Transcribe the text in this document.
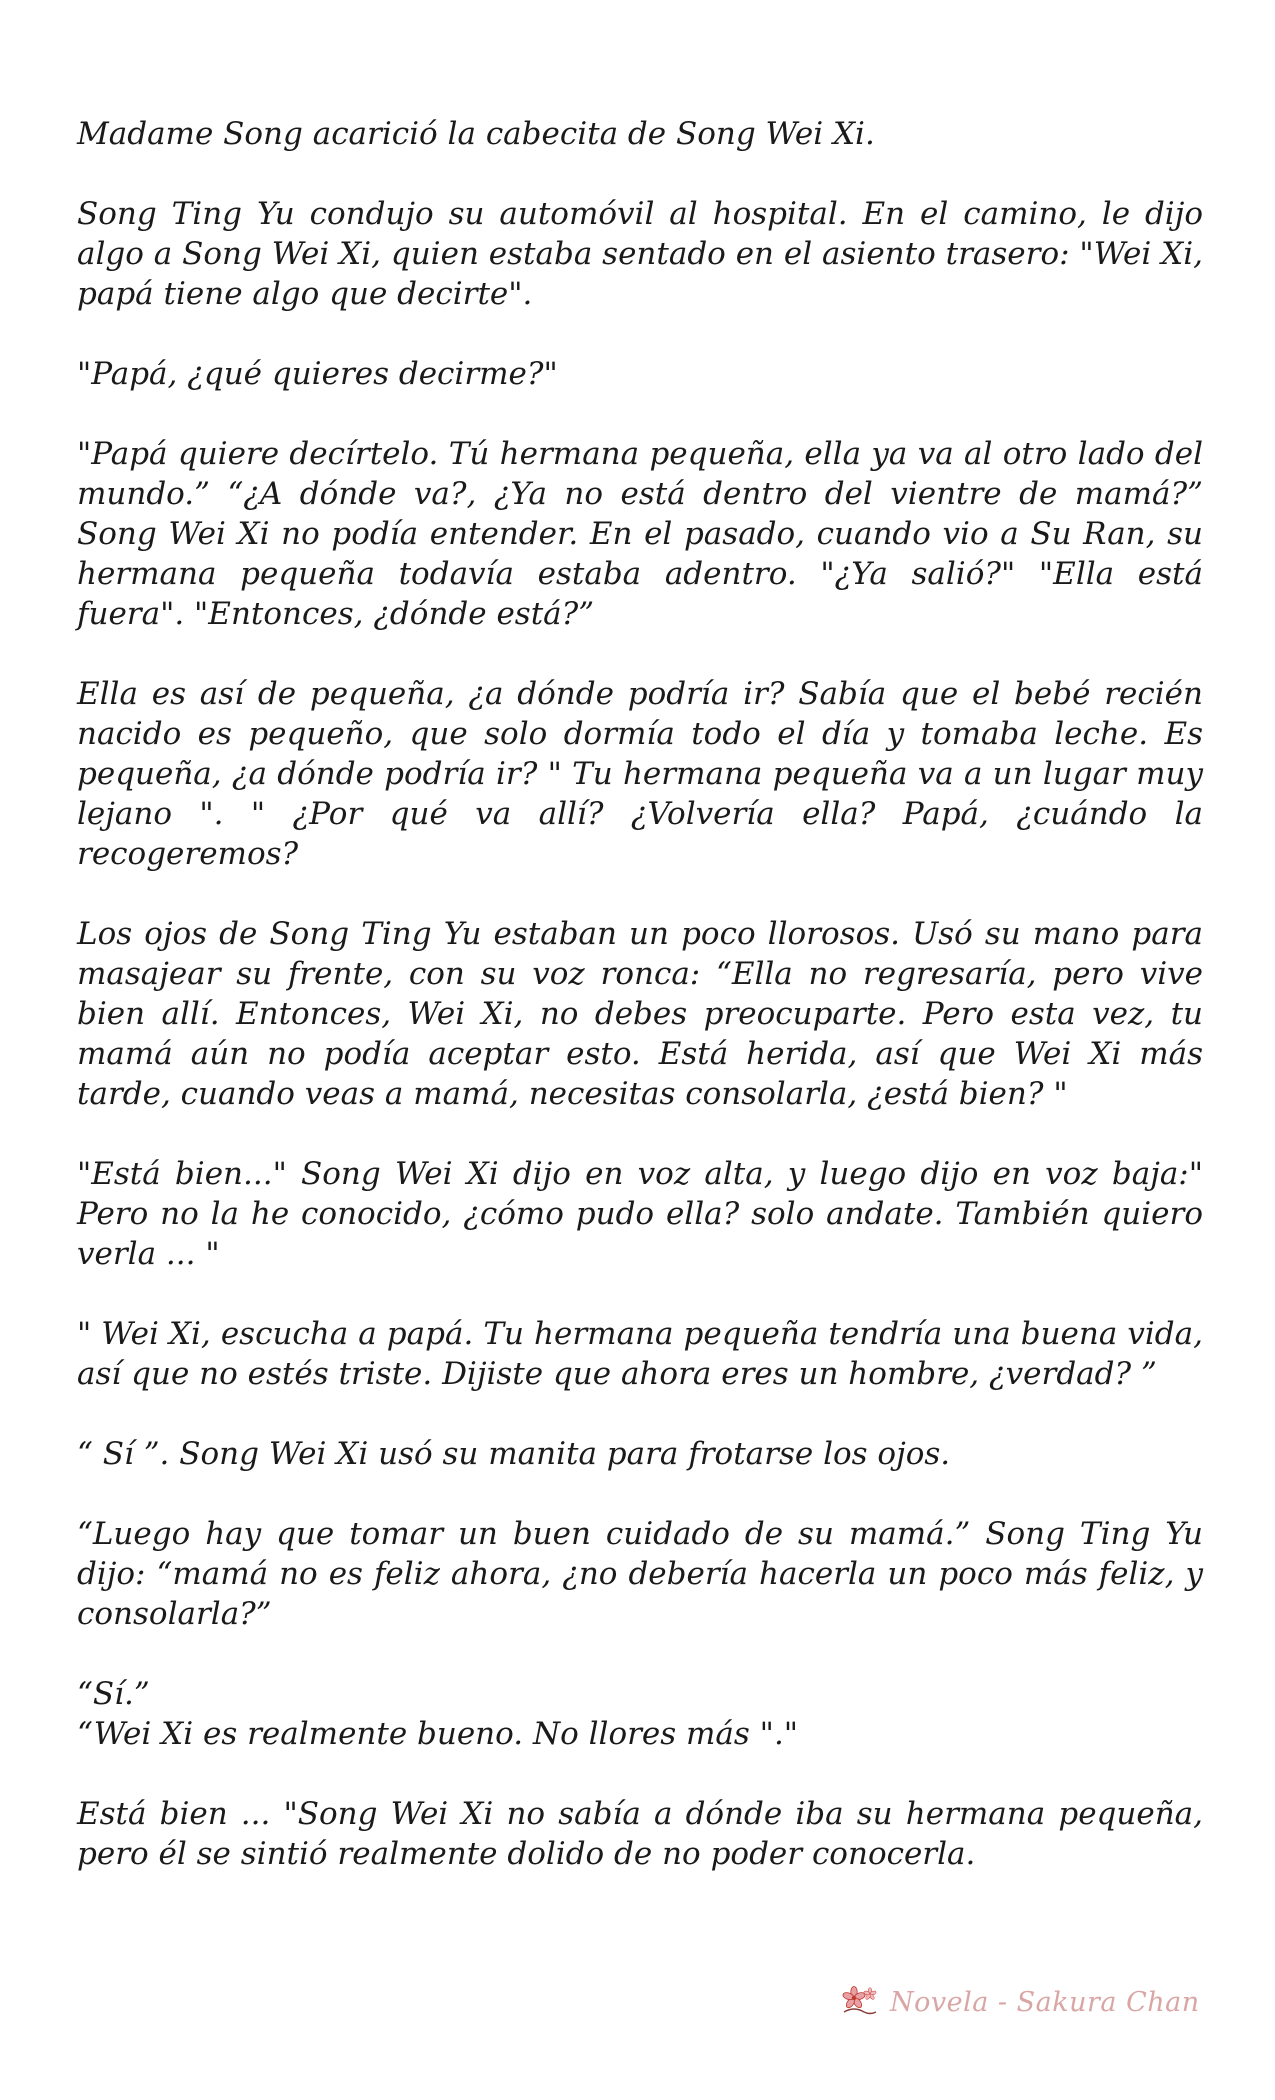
Madame Song acarició la cabecita de Song Wei Xi.

Song Ting Yu condujo su automóvil al hospital. En el camino, le dijo algo a Song Wei Xi, quien estaba sentado en el asiento trasero: "Wei Xi, papá tiene algo que decirte".

"Papá, ¿qué quieres decirme?"

"Papá quiere decírtelo. Tú hermana pequeña, ella ya va al otro lado del mundo.” “¿A dónde va?, ¿Ya no está dentro del vientre de mamá?” Song Wei Xi no podía entender. En el pasado, cuando vio a Su Ran, su hermana pequeña todavía estaba adentro. "¿Ya salió?" "Ella está fuera". "Entonces, ¿dónde está?”

Ella es así de pequeña, ¿a dónde podría ir? Sabía que el bebé recién nacido es pequeño, que solo dormía todo el día y tomaba leche. Es pequeña, ¿a dónde podría ir? " Tu hermana pequeña va a un lugar muy lejano ". " ¿Por qué va allí? ¿Volvería ella? Papá, ¿cuándo la recogeremos?

Los ojos de Song Ting Yu estaban un poco llorosos. Usó su mano para masajear su frente, con su voz ronca: “Ella no regresaría, pero vive bien allí. Entonces, Wei Xi, no debes preocuparte. Pero esta vez, tu mamá aún no podía aceptar esto. Está herida, así que Wei Xi más tarde, cuando veas a mamá, necesitas consolarla, ¿está bien? "

"Está bien..." Song Wei Xi dijo en voz alta, y luego dijo en voz baja:" Pero no la he conocido, ¿cómo pudo ella? solo andate. También quiero verla ... "

" Wei Xi, escucha a papá. Tu hermana pequeña tendría una buena vida, así que no estés triste. Dijiste que ahora eres un hombre, ¿verdad? ”

“ Sí ”. Song Wei Xi usó su manita para frotarse los ojos.

“Luego hay que tomar un buen cuidado de su mamá.” Song Ting Yu dijo: “mamá no es feliz ahora, ¿no debería hacerla un poco más feliz, y consolarla?”

“Sí.”

“Wei Xi es realmente bueno. No llores más "."

Está bien ... "Song Wei Xi no sabía a dónde iba su hermana pequeña, pero él se sintió realmente dolido de no poder conocerla.

Novela - Sakura Chan
